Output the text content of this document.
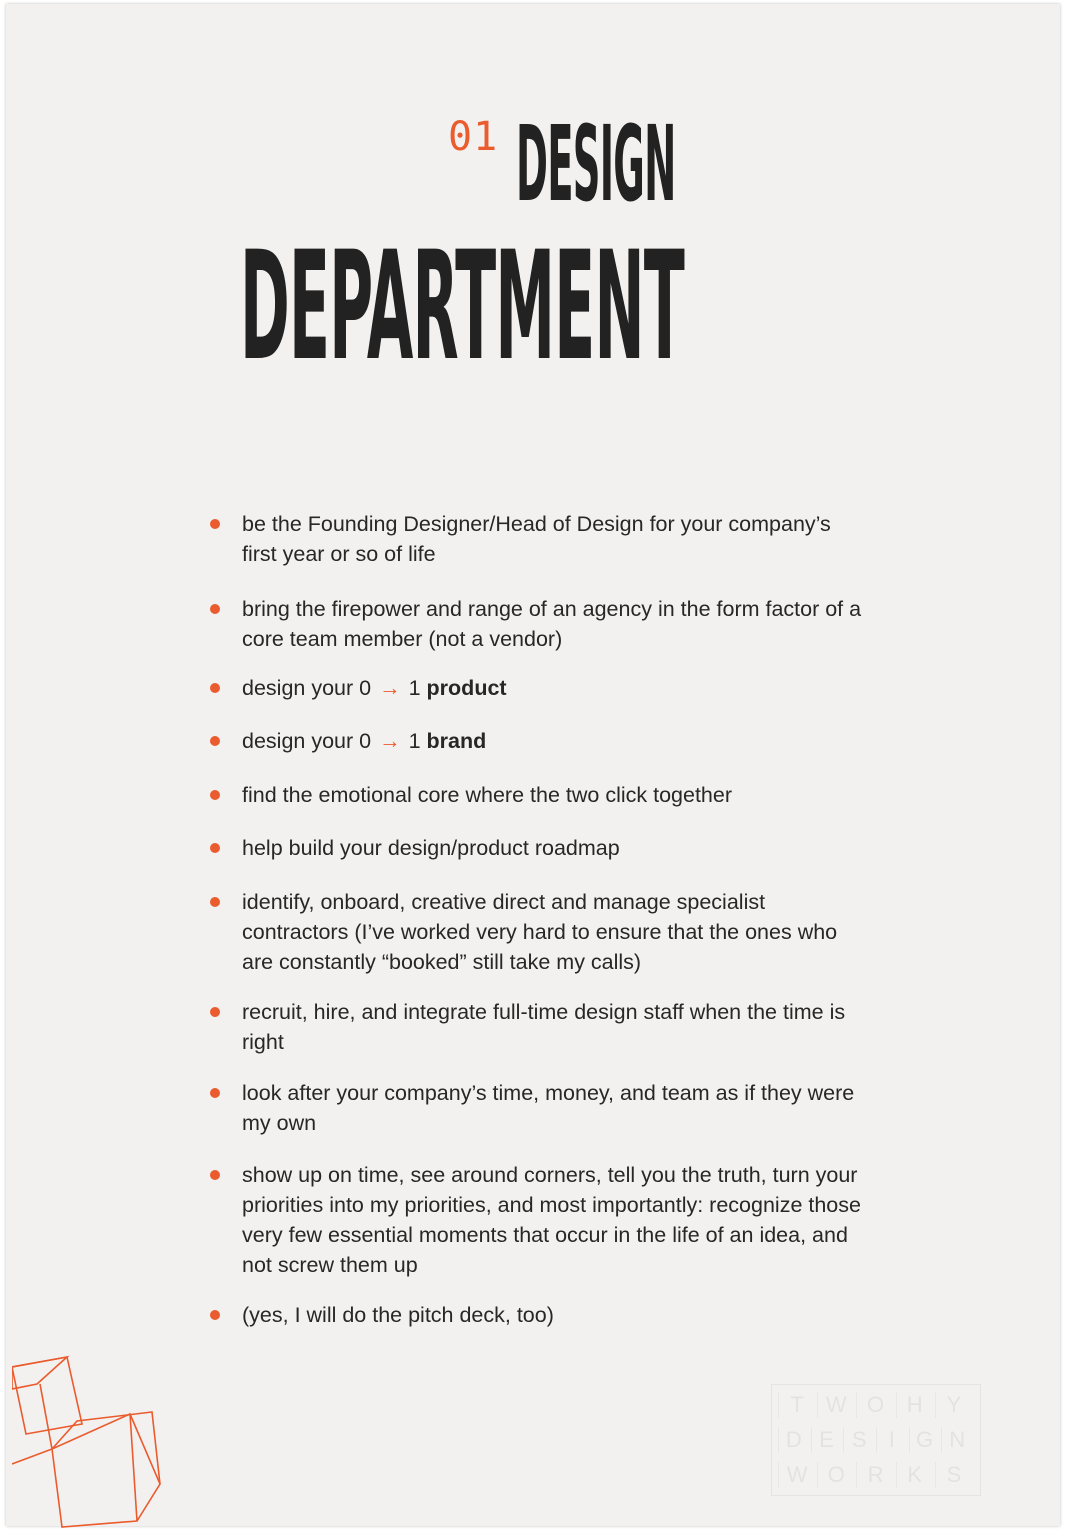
01 DESIGN
DEPARTMENT
be the Founding Designer/Head of Design for your company’s first year or so of life
bring the firepower and range of an agency in the form factor of a core team member (not a vendor)
design your 0 → 1 product
design your 0 → 1 brand
find the emotional core where the two click together
help build your design/product roadmap
identify, onboard, creative direct and manage specialist contractors (I’ve worked very hard to ensure that the ones who are constantly “booked” still take my calls)
recruit, hire, and integrate full-time design staff when the time is right
look after your company’s time, money, and team as if they were my own
show up on time, see around corners, tell you the truth, turn your priorities into my priorities, and most importantly: recognize those very few essential moments that occur in the life of an idea, and not screw them up
(yes, I will do the pitch deck, too)
T W O H Y
D E S I G N
W O R K	S
